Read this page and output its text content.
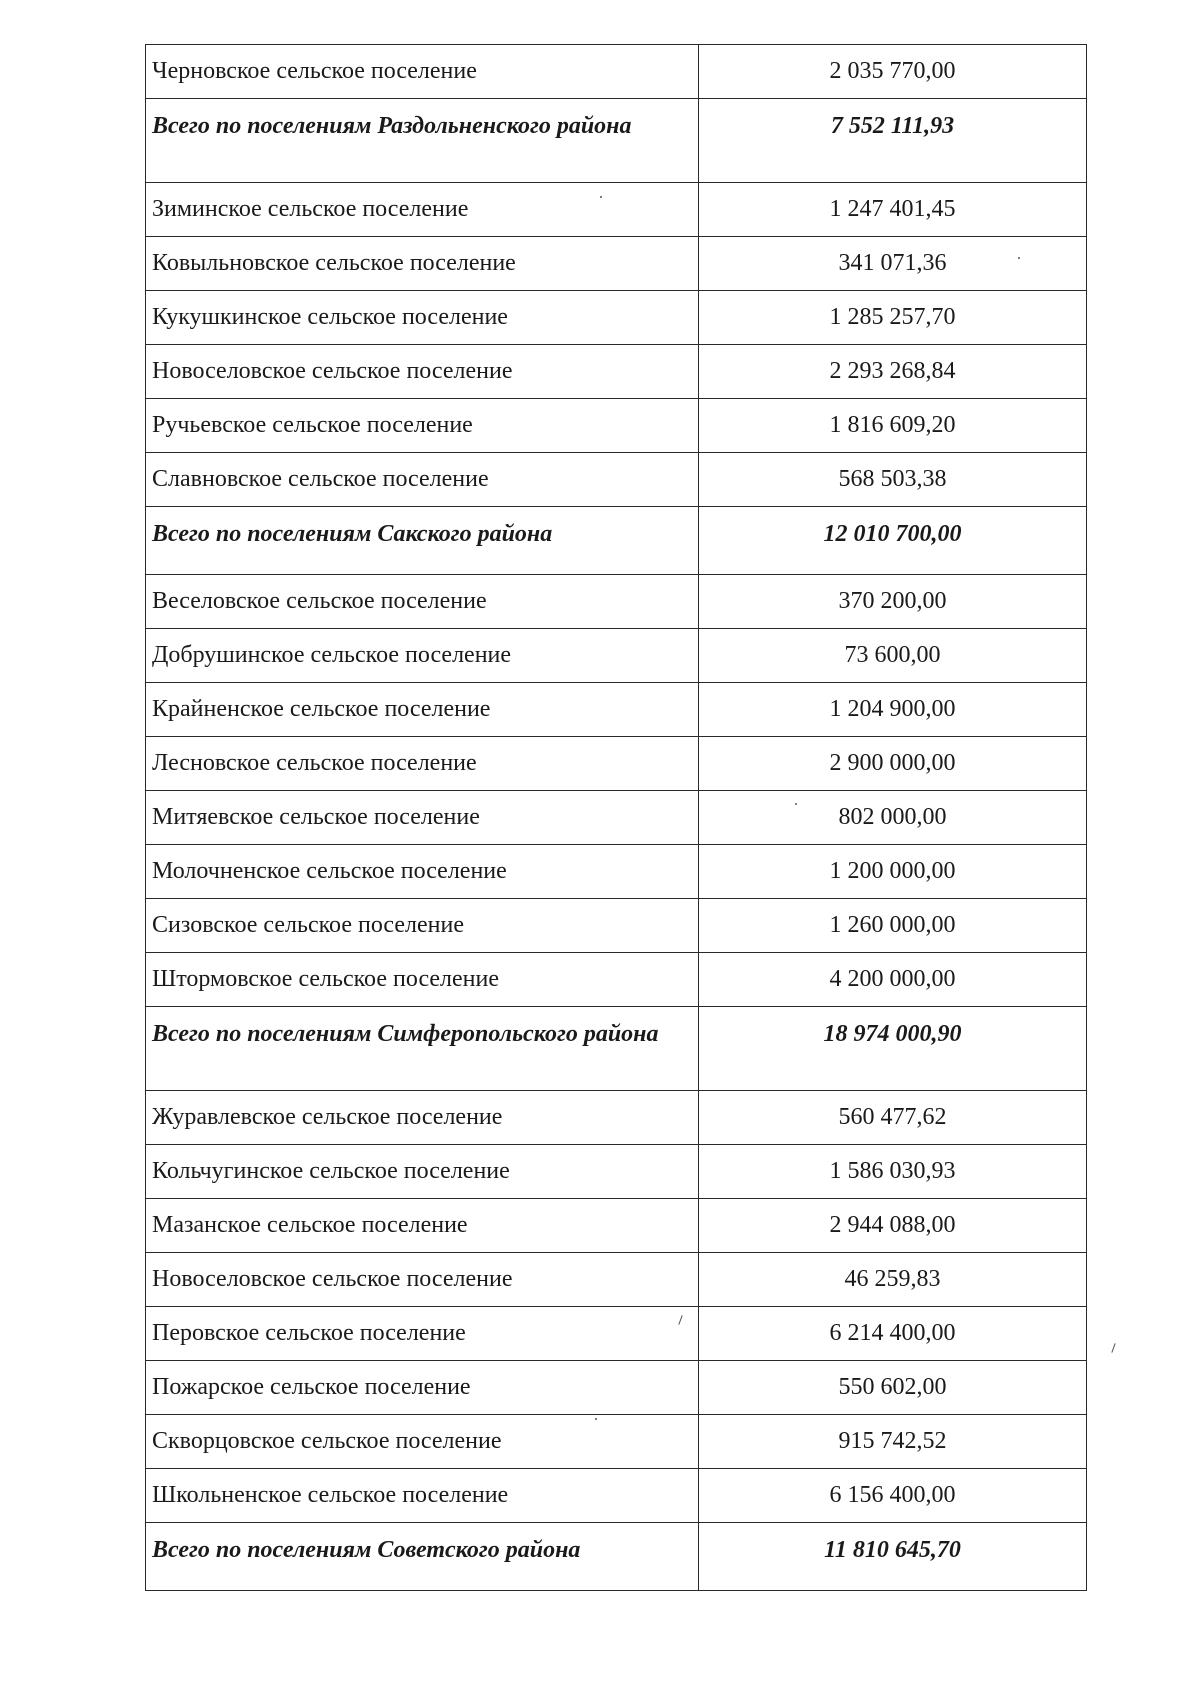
Черновское сельское поселение	2 035 770,00
Всего по поселениям Раздольненского района	7 552 111,93
Зиминское сельское поселение	1 247 401,45
Ковыльновское сельское поселение	341 071,36
Кукушкинское сельское поселение	1 285 257,70
Новоселовское сельское поселение	2 293 268,84
Ручьевское сельское поселение	1 816 609,20
Славновское сельское поселение	568 503,38
Всего по поселениям Сакского района	12 010 700,00
Веселовское сельское поселение	370 200,00
Добрушинское сельское поселение	73 600,00
Крайненское сельское поселение	1 204 900,00
Лесновское сельское поселение	2 900 000,00
Митяевское сельское поселение	802 000,00
Молочненское сельское поселение	1 200 000,00
Сизовское сельское поселение	1 260 000,00
Штормовское сельское поселение	4 200 000,00
Всего по поселениям Симферопольского района	18 974 000,90
Журавлевское сельское поселение	560 477,62
Кольчугинское сельское поселение	1 586 030,93
Мазанское сельское поселение	2 944 088,00
Новоселовское сельское поселение	46 259,83
Перовское сельское поселение	6 214 400,00
Пожарское сельское поселение	550 602,00
Скворцовское сельское поселение	915 742,52
Школьненское сельское поселение	6 156 400,00
Всего по поселениям Советского района	11 810 645,70
